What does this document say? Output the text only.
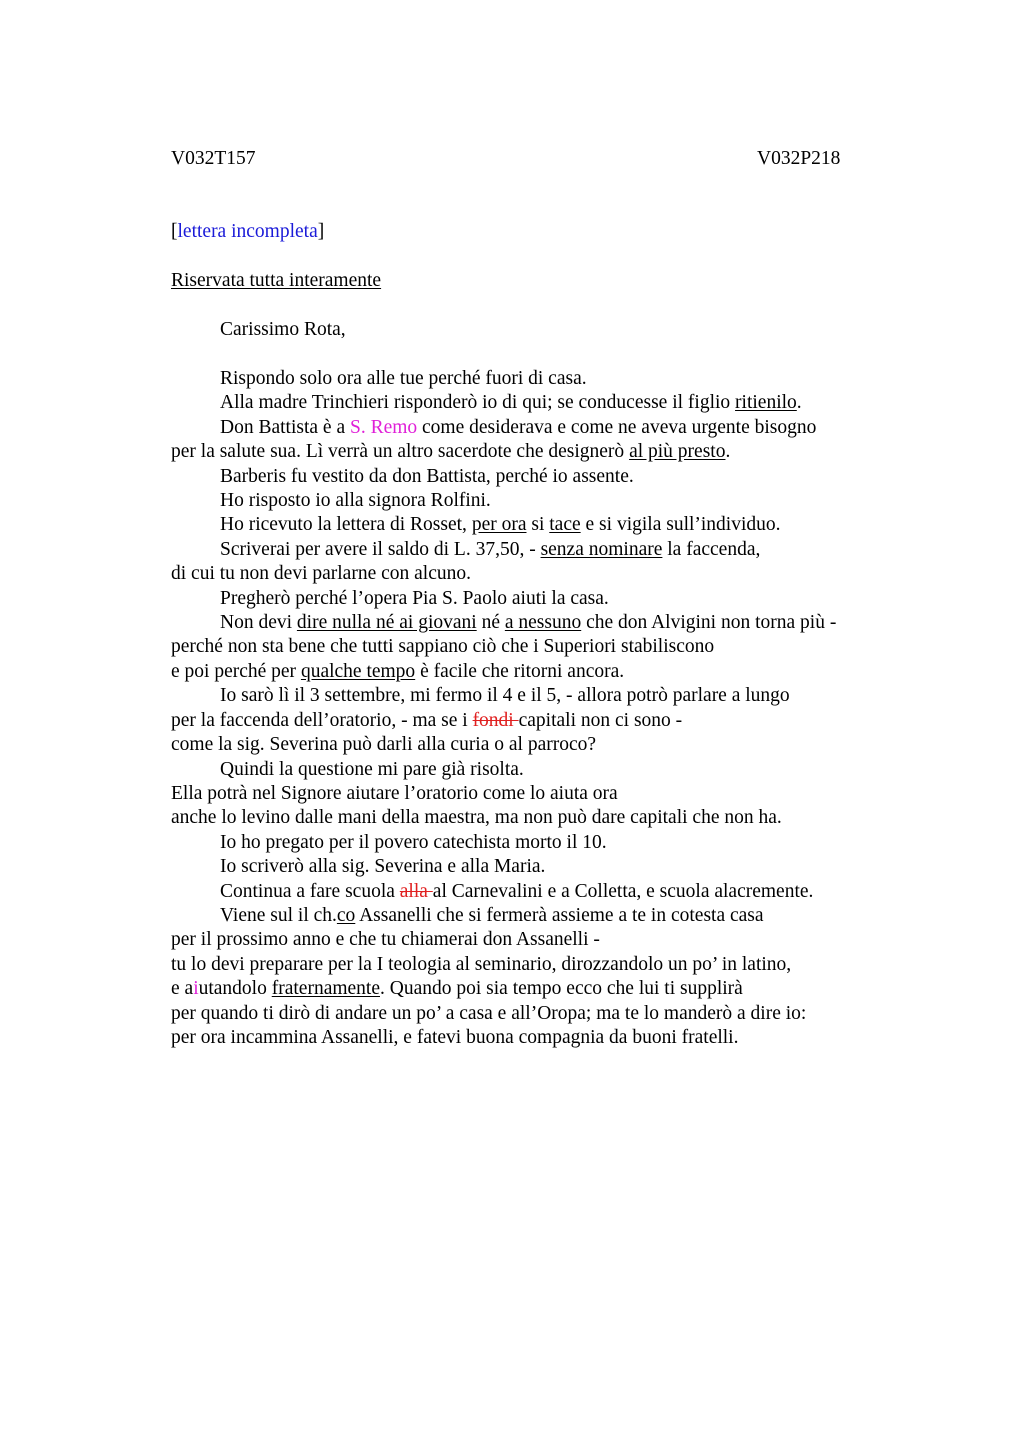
V032T157	V032P218
[lettera incompleta]
Riservata tutta interamente
Carissimo Rota,
Rispondo solo ora alle tue perché fuori di casa.
Alla madre Trinchieri risponderò io di qui; se conducesse il figlio ritienilo.
Don Battista è a S. Remo come desiderava e come ne aveva urgente bisogno
per la salute sua. Lì verrà un altro sacerdote che designerò al più presto.
Barberis fu vestito da don Battista, perché io assente.
Ho risposto io alla signora Rolfini.
Ho ricevuto la lettera di Rosset, per ora si tace e si vigila sull’individuo.
Scriverai per avere il saldo di L. 37,50, - senza nominare la faccenda,
di cui tu non devi parlarne con alcuno.
Pregherò perché l’opera Pia S. Paolo aiuti la casa.
Non devi dire nulla né ai giovani né a nessuno che don Alvigini non torna più -
perché non sta bene che tutti sappiano ciò che i Superiori stabiliscono
e poi perché per qualche tempo è facile che ritorni ancora.
Io sarò lì il 3 settembre, mi fermo il 4 e il 5, - allora potrò parlare a lungo
per la faccenda dell’oratorio, - ma se i fondi capitali non ci sono -
come la sig. Severina può darli alla curia o al parroco?
Quindi la questione mi pare già risolta.
Ella potrà nel Signore aiutare l’oratorio come lo aiuta ora
anche lo levino dalle mani della maestra, ma non può dare capitali che non ha.
Io ho pregato per il povero catechista morto il 10.
Io scriverò alla sig. Severina e alla Maria.
Continua a fare scuola alla al Carnevalini e a Colletta, e scuola alacremente.
Viene sul il ch.co Assanelli che si fermerà assieme a te in cotesta casa
per il prossimo anno e che tu chiamerai don Assanelli -
tu lo devi preparare per la I teologia al seminario, dirozzandolo un po’ in latino,
e aiutandolo fraternamente. Quando poi sia tempo ecco che lui ti supplirà
per quando ti dirò di andare un po’ a casa e all’Oropa; ma te lo manderò a dire io:
per ora incammina Assanelli, e fatevi buona compagnia da buoni fratelli.
